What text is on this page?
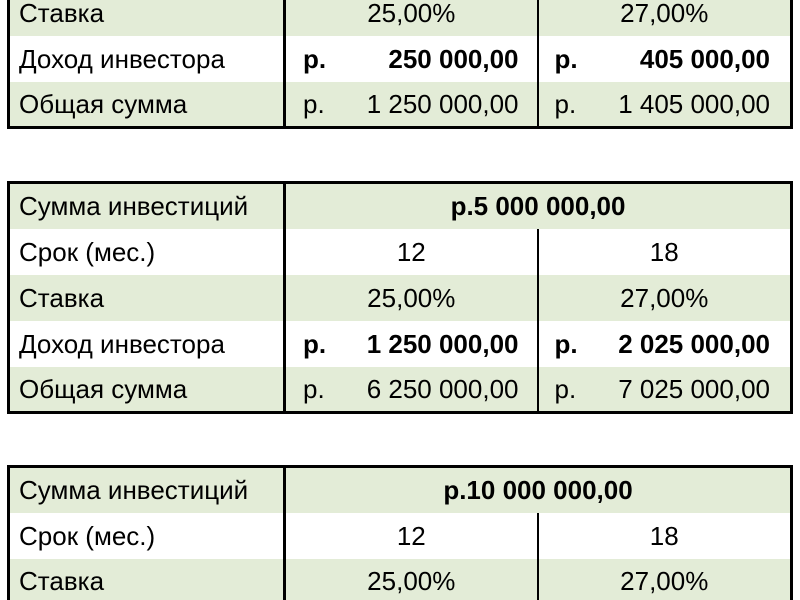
Ставка	25,00%	27,00%
Доход инвестора	р. 250 000,00	р. 405 000,00

Общая сумма	р. 1 250 000,00	р. 1 405 000,00
Сумма инвестиций	р.5 000 000,00	
Срок (мес.)	12	18
Ставка	25,00%	27,00%
Доход инвестора	р. 1 250 000,00	р. 2 025 000,00

Общая сумма	р. 6 250 000,00	р. 7 025 000,00
Сумма инвестиций	р.10 000 000,00	
Срок (мес.)	12	18
Ставка	25,00%	27,00%
